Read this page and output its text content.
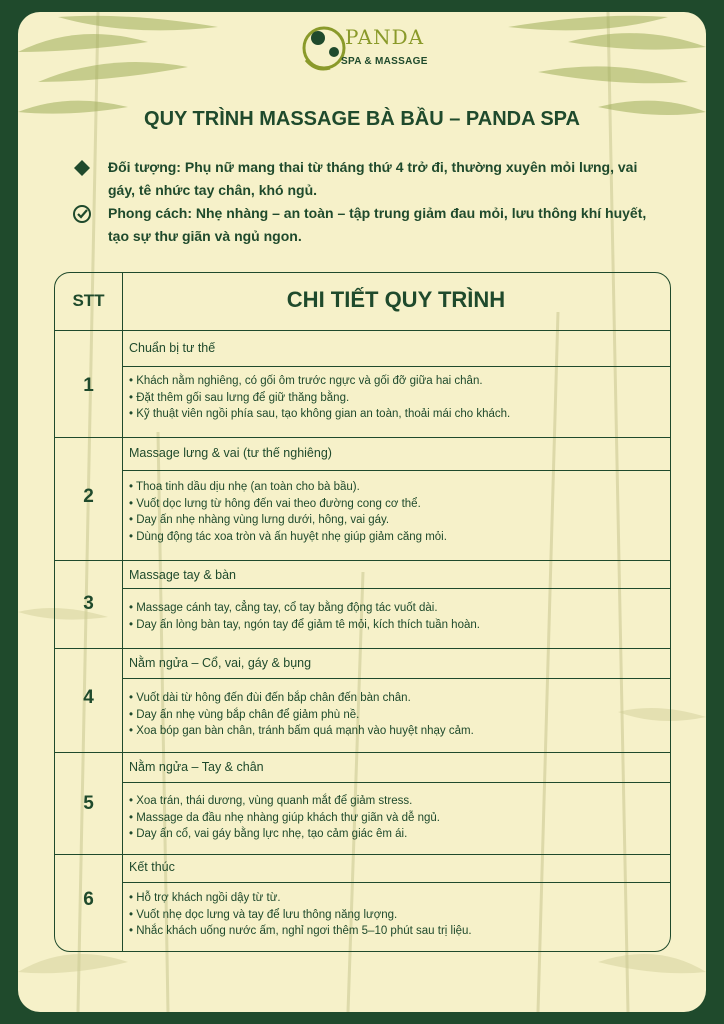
PANDA
SPA & MASSAGE
QUY TRÌNH MASSAGE BÀ BẦU – PANDA SPA
Đối tượng: Phụ nữ mang thai từ tháng thứ 4 trở đi, thường xuyên mỏi lưng, vai gáy, tê nhức tay chân, khó ngủ.
Phong cách: Nhẹ nhàng – an toàn – tập trung giảm đau mỏi, lưu thông khí huyết, tạo sự thư giãn và ngủ ngon.
STT	CHI TIẾT QUY TRÌNH
1
Chuẩn bị tư thế
• Khách nằm nghiêng, có gối ôm trước ngực và gối đỡ giữa hai chân.
• Đặt thêm gối sau lưng để giữ thăng bằng.
• Kỹ thuật viên ngồi phía sau, tạo không gian an toàn, thoải mái cho khách.
2
Massage lưng & vai (tư thế nghiêng)
• Thoa tinh dầu dịu nhẹ (an toàn cho bà bầu).
• Vuốt dọc lưng từ hông đến vai theo đường cong cơ thể.
• Day ấn nhẹ nhàng vùng lưng dưới, hông, vai gáy.
• Dùng động tác xoa tròn và ấn huyệt nhẹ giúp giảm căng mỏi.
3
Massage tay & bàn
• Massage cánh tay, cẳng tay, cổ tay bằng động tác vuốt dài.
• Day ấn lòng bàn tay, ngón tay để giảm tê mỏi, kích thích tuần hoàn.
4
Nằm ngửa – Cổ, vai, gáy & bụng
• Vuốt dài từ hông đến đùi đến bắp chân đến bàn chân.
• Day ấn nhẹ vùng bắp chân để giảm phù nề.
• Xoa bóp gan bàn chân, tránh bấm quá mạnh vào huyệt nhạy cảm.
5
Nằm ngửa – Tay & chân
• Xoa trán, thái dương, vùng quanh mắt để giảm stress.
• Massage da đầu nhẹ nhàng giúp khách thư giãn và dễ ngủ.
• Day ấn cổ, vai gáy bằng lực nhẹ, tạo cảm giác êm ái.
6
Kết thúc
• Hỗ trợ khách ngồi dậy từ từ.
• Vuốt nhẹ dọc lưng và tay để lưu thông năng lượng.
• Nhắc khách uống nước ấm, nghỉ ngơi thêm 5–10 phút sau trị liệu.
